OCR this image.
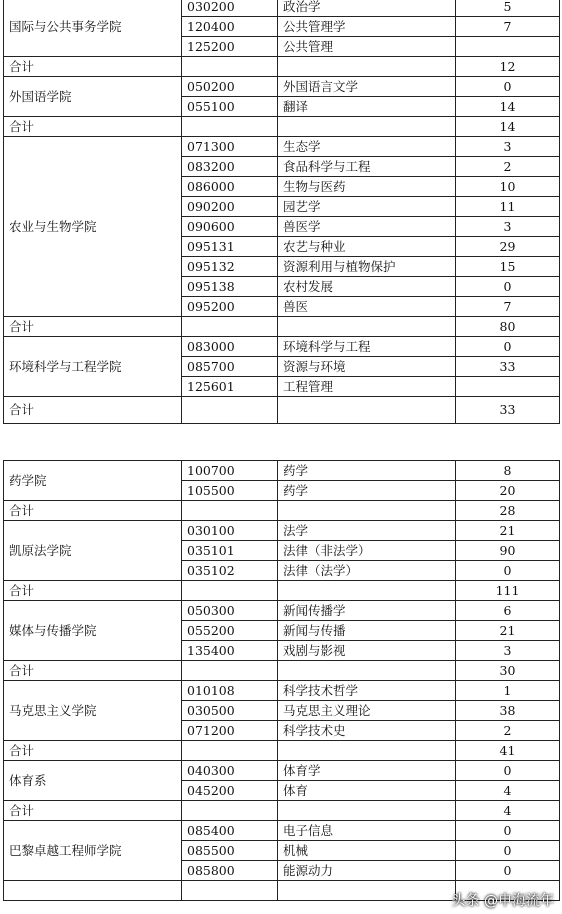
国际与公共事务学院	030200	政治学	5
	120400	公共管理学	7
	125200	公共管理	
合计			12
外国语学院	050200	外国语言文学	0
	055100	翻译	14
合计			14
农业与生物学院	071300	生态学	3
	083200	食品科学与工程	2
	086000	生物与医药	10
	090200	园艺学	11
	090600	兽医学	3
	095131	农艺与种业	29
	095132	资源利用与植物保护	15
	095138	农村发展	0
	095200	兽医	7
合计			80
环境科学与工程学院	083000	环境科学与工程	0
	085700	资源与环境	33
	125601	工程管理	
合计			33
药学院	100700	药学	8
	105500	药学	20
合计			28
凯原法学院	030100	法学	21
	035101	法律（非法学）	90
	035102	法律（法学）	0
合计			111
媒体与传播学院	050300	新闻传播学	6
	055200	新闻与传播	21
	135400	戏剧与影视	3
合计			30
马克思主义学院	010108	科学技术哲学	1
	030500	马克思主义理论	38
	071200	科学技术史	2
合计			41
体育系	040300	体育学	0
	045200	体育	4
合计			4
巴黎卓越工程师学院	085400	电子信息	0
	085500	机械	0
	085800	能源动力	0

头条 @申海流年
